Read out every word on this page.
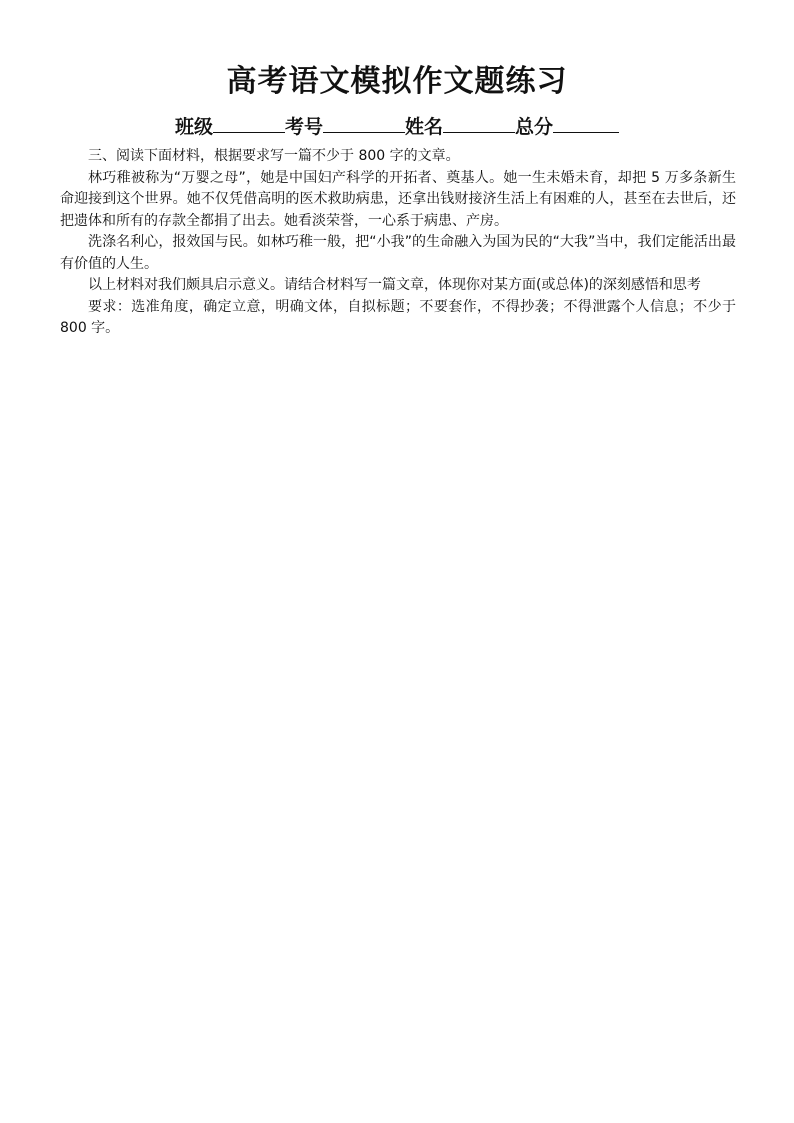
高考语文模拟作文题练习
班级	考号	姓名	总分

三、阅读下面材料，根据要求写一篇不少于 800 字的文章。

林巧稚被称为“万婴之母”，她是中国妇产科学的开拓者、奠基人。她一生未婚未育，却把 5 万多条新生命迎接到这个世界。她不仅凭借高明的医术救助病患，还拿出钱财接济生活上有困难的人，甚至在去世后，还把遗体和所有的存款全都捐了出去。她看淡荣誉，一心系于病患、产房。

洗涤名利心，报效国与民。如林巧稚一般，把“小我”的生命融入为国为民的“大我”当中，我们定能活出最有价值的人生。

以上材料对我们颇具启示意义。请结合材料写一篇文章，体现你对某方面(或总体)的深刻感悟和思考

要求：选准角度，确定立意，明确文体，自拟标题；不要套作，不得抄袭；不得泄露个人信息；不少于 800 字。
